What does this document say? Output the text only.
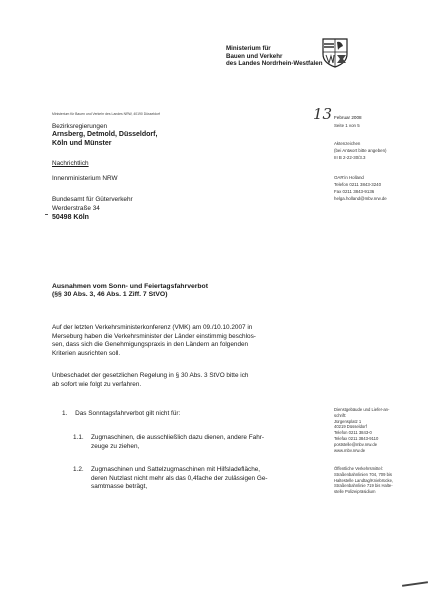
Ministerium für
Bauen und Verkehr
des Landes Nordrhein-Westfalen
Ministerium für Bauen und Verkehr des Landes NRW, 40190 Düsseldorf
Bezirksregierungen
Arnsberg, Detmold, Düsseldorf,
Köln und Münster
Nachrichtlich
Innenministerium NRW
Bundesamt für Güterverkehr
Werderstraße 34
50498 Köln
13 Februar 2008
Seite 1 von 5
Aktenzeichen
(bei Antwort bitte angeben)
III B 2-22-30/3.3
OAR'in Holland
Telefon 0211 3843-3240
Fax 0211 3843-9136
helga.holland@mbv.nrw.de
Ausnahmen vom Sonn- und Feiertagsfahrverbot
(§§ 30 Abs. 3, 46 Abs. 1 Ziff. 7 StVO)
Auf der letzten Verkehrsministerkonferenz (VMK) am 09./10.10.2007 in
Merseburg haben die Verkehrsminister der Länder einstimmig beschlos-
sen, dass sich die Genehmigungspraxis in den Ländern an folgenden
Kriterien ausrichten soll.
Unbeschadet der gesetzlichen Regelung in § 30 Abs. 3 StVO bitte ich
ab sofort wie folgt zu verfahren.
1. Das Sonntagsfahrverbot gilt nicht für:
1.1. Zugmaschinen, die ausschließlich dazu dienen, andere Fahr-
zeuge zu ziehen,
1.2. Zugmaschinen und Sattelzugmaschinen mit Hilfsladefläche,
deren Nutzlast nicht mehr als das 0,4fache der zulässigen Ge-
samtmasse beträgt,
Dienstgebäude und Liefer-an-
schrift:
Jürgensplatz 1
40219 Düsseldorf
Telefon 0211 3843-0
Telefax 0211 3843-9110
poststelle@mbv.nrw.de
www.mbv.nrw.de
Öffentliche Verkehrsmittel:
Straßenbahnlinien 704, 709 bis
Haltestelle Landtag/Kniebrücke,
Straßenbahnlinie 719 bis Halte-
stelle Polizeipräsidium
